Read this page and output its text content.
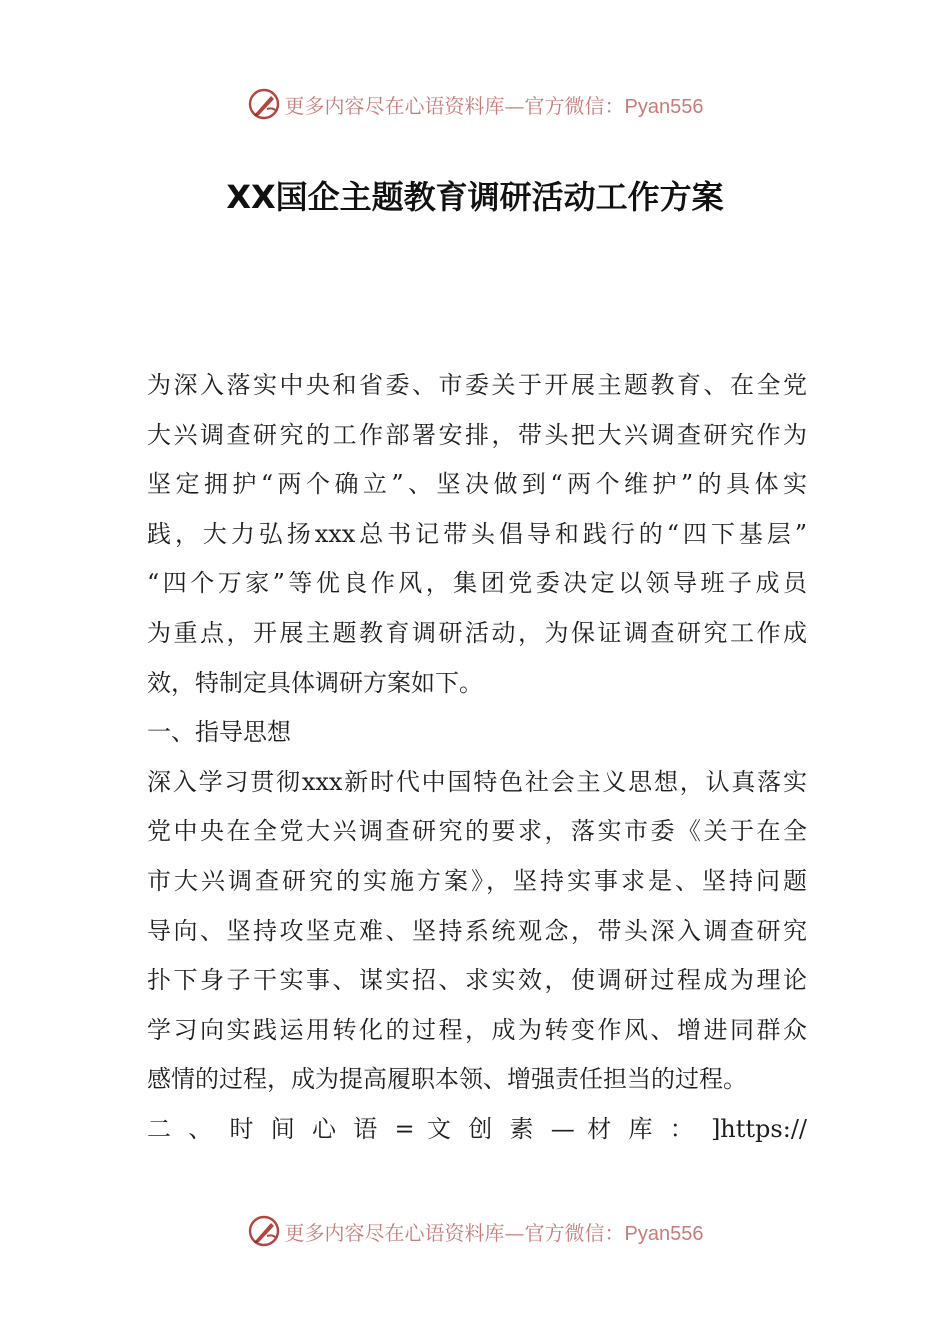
更多内容尽在心语资料库—官方微信：Pyan556
XX国企主题教育调研活动工作方案
为深入落实中央和省委、市委关于开展主题教育、在全党
大兴调查研究的工作部署安排，带头把大兴调查研究作为
坚定拥护“两个确立”、坚决做到“两个维护”的具体实
践，大力弘扬xxx总书记带头倡导和践行的“四下基层”
“四个万家”等优良作风，集团党委决定以领导班子成员
为重点，开展主题教育调研活动，为保证调查研究工作成
效，特制定具体调研方案如下。
一、指导思想
深入学习贯彻xxx新时代中国特色社会主义思想，认真落实
党中央在全党大兴调查研究的要求，落实市委《关于在全
市大兴调查研究的实施方案》，坚持实事求是、坚持问题
导向、坚持攻坚克难、坚持系统观念，带头深入调查研究
扑下身子干实事、谋实招、求实效，使调研过程成为理论
学习向实践运用转化的过程，成为转变作风、增进同群众
感情的过程，成为提高履职本领、增强责任担当的过程。
二 、 时 间 心 语 = 文 创 素 — 材 库 ： ]https://
更多内容尽在心语资料库—官方微信：Pyan556
